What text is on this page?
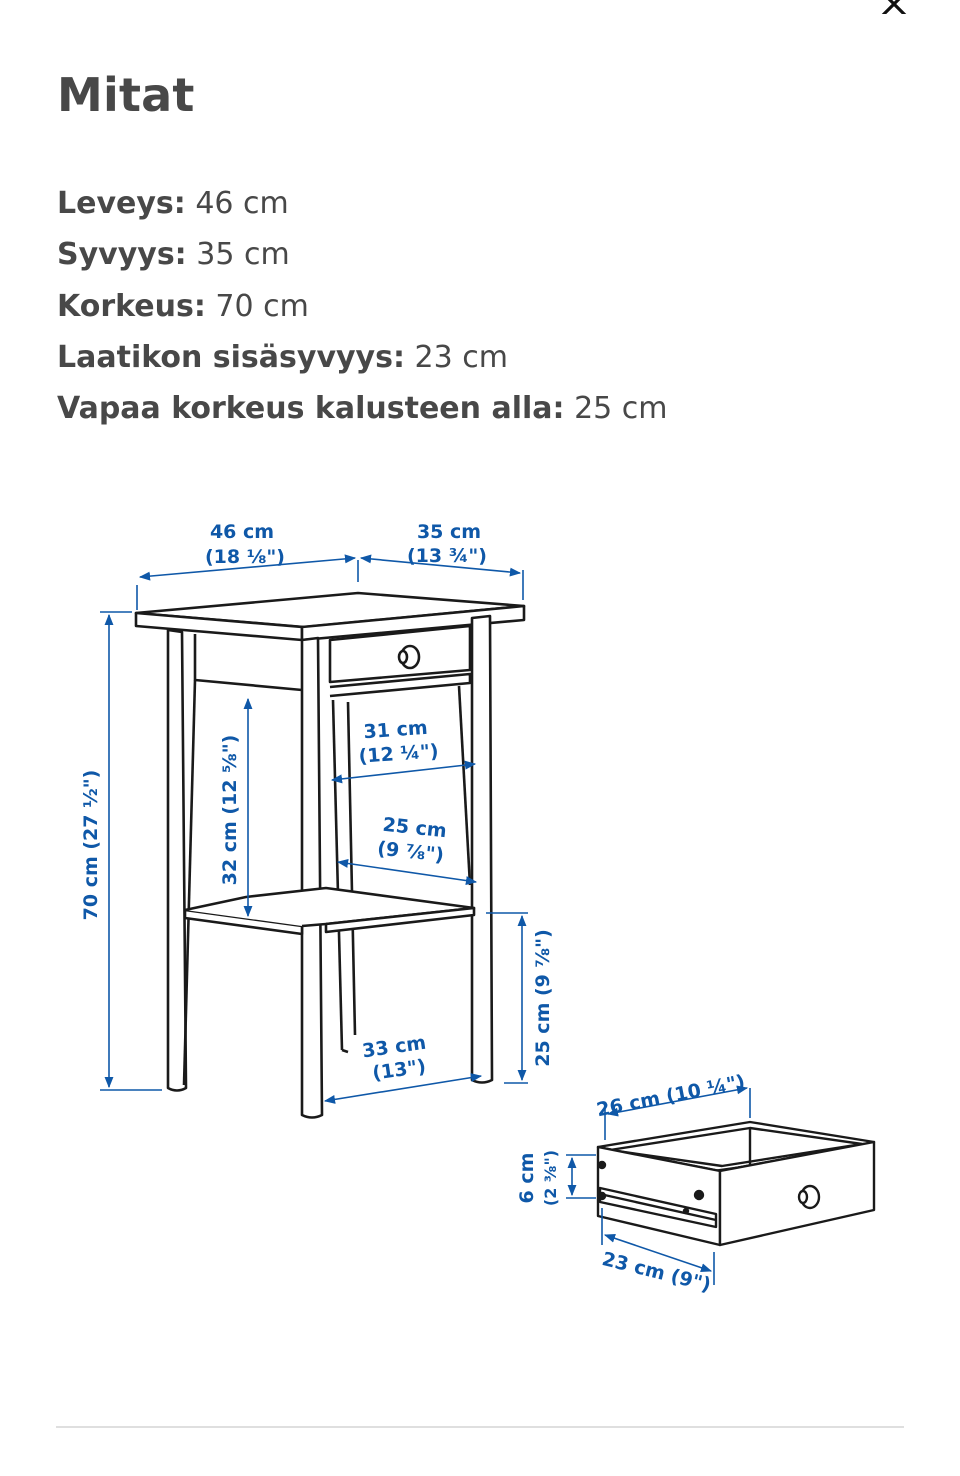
Mitat
Leveys: 46 cm
Syvyys: 35 cm
Korkeus: 70 cm
Laatikon sisäsyvyys: 23 cm
Vapaa korkeus kalusteen alla: 25 cm
46 cm
(18 ⅛")
35 cm
(13 ¾")
70 cm (27 ½")	32 cm (12 ⅝")
31 cm
(12 ¼")
25 cm
(9 ⅞")
33 cm
(13")
25 cm (9 ⅞")
26 cm (10 ¼")
6 cm (2 ⅜")
23 cm (9")
